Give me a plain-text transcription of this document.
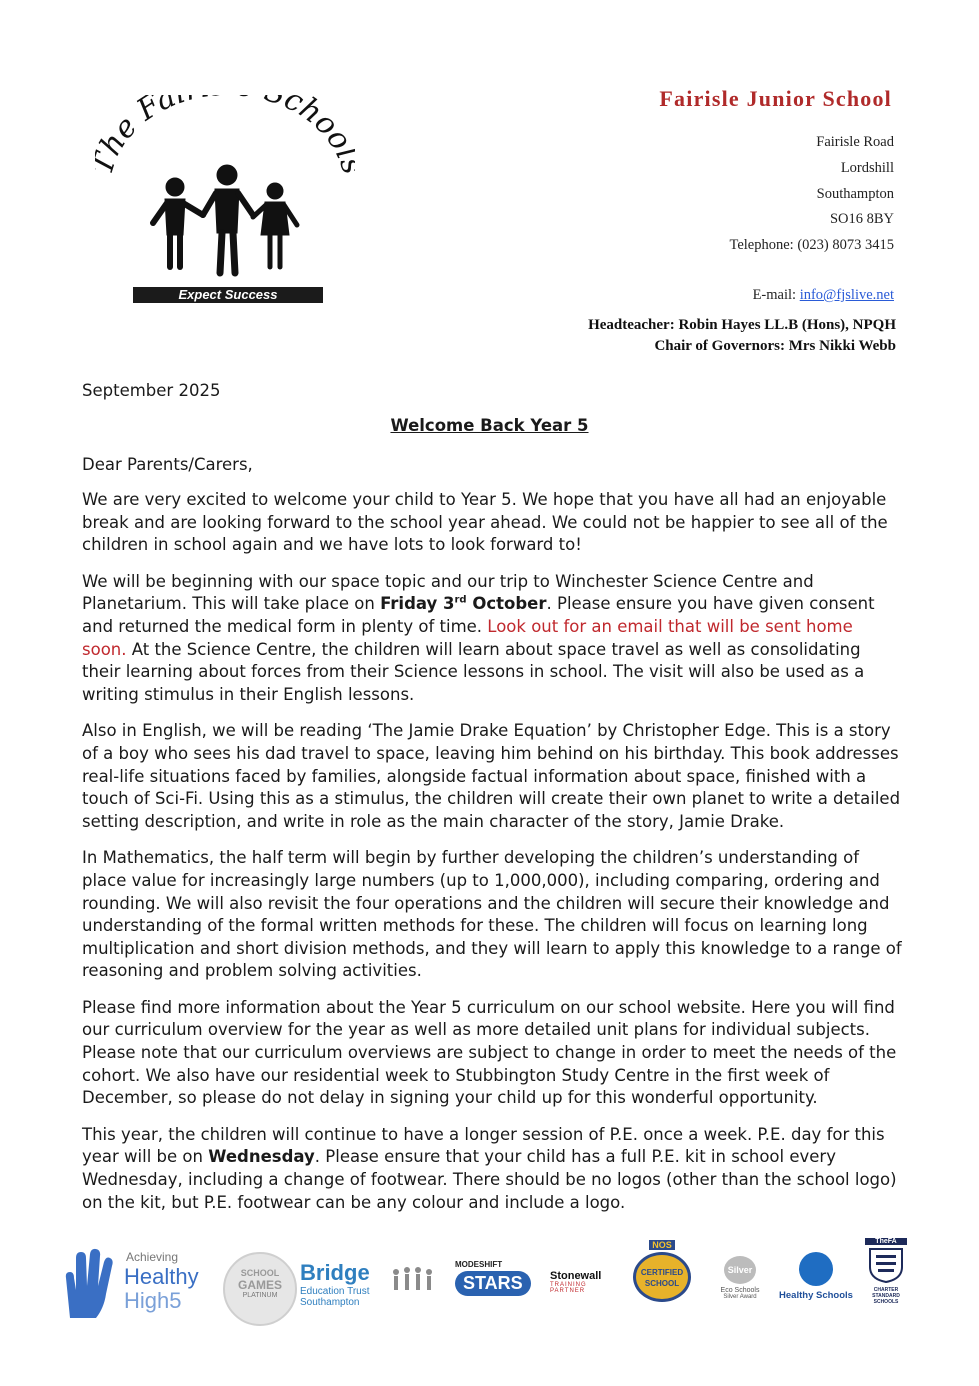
he Fa choo
Expect Success
Fairisle Junior School
Fairisle Road
Lordshill
Southampton
SO16 8BY
Telephone: (023) 8073 3415
E-mail: info@fjslive.net
Headteacher: Robin Hayes LL.B (Hons), NPQH
Chair of Governors: Mrs Nikki Webb
September 2025
Welcome Back Year 5
Dear Parents/Carers,

We are very excited to welcome your child to Year 5. We hope that you have all had an enjoyable break and are looking forward to the school year ahead. We could not be happier to see all of the children in school again and we have lots to look forward to!

We will be beginning with our space topic and our trip to Winchester Science Centre and Planetarium. This will take place on Friday 3rd October. Please ensure you have given consent and returned the medical form in plenty of time. Look out for an email that will be sent home soon. At the Science Centre, the children will learn about space travel as well as consolidating their learning about forces from their Science lessons in school. The visit will also be used as a writing stimulus in their English lessons.

Also in English, we will be reading ‘The Jamie Drake Equation’ by Christopher Edge. This is a story of a boy who sees his dad travel to space, leaving him behind on his birthday. This book addresses real-life situations faced by families, alongside factual information about space, finished with a touch of Sci-Fi. Using this as a stimulus, the children will create their own planet to write a detailed setting description, and write in role as the main character of the story, Jamie Drake.

In Mathematics, the half term will begin by further developing the children’s understanding of place value for increasingly large numbers (up to 1,000,000), including comparing, ordering and rounding. We will also revisit the four operations and the children will secure their knowledge and understanding of the formal written methods for these. The children will focus on learning long multiplication and short division methods, and they will learn to apply this knowledge to a range of reasoning and problem solving activities.

Please find more information about the Year 5 curriculum on our school website. Here you will find our curriculum overview for the year as well as more detailed unit plans for individual subjects. Please note that our curriculum overviews are subject to change in order to meet the needs of the cohort. We also have our residential week to Stubbington Study Centre in the first week of December, so please do not delay in signing your child up for this wonderful opportunity.

This year, the children will continue to have a longer session of P.E. once a week. P.E. day for this year will be on Wednesday. Please ensure that your child has a full P.E. kit in school every Wednesday, including a change of footwear. There should be no logos (other than the school logo) on the kit, but P.E. footwear can be any colour and include a logo.

Achieving
Healthy
High5
SCHOOL
GAMES
PLATINUM
Bridge
Education Trust
Southampton
MODESHIFT
STARS	Stonewall
TRAINING PARTNER
NOS
CERTIFIED SCHOOL
Silver
Eco Schools
Silver Award	Healthy Schools
TheFA
CHARTER STANDARD SCHOOLS
